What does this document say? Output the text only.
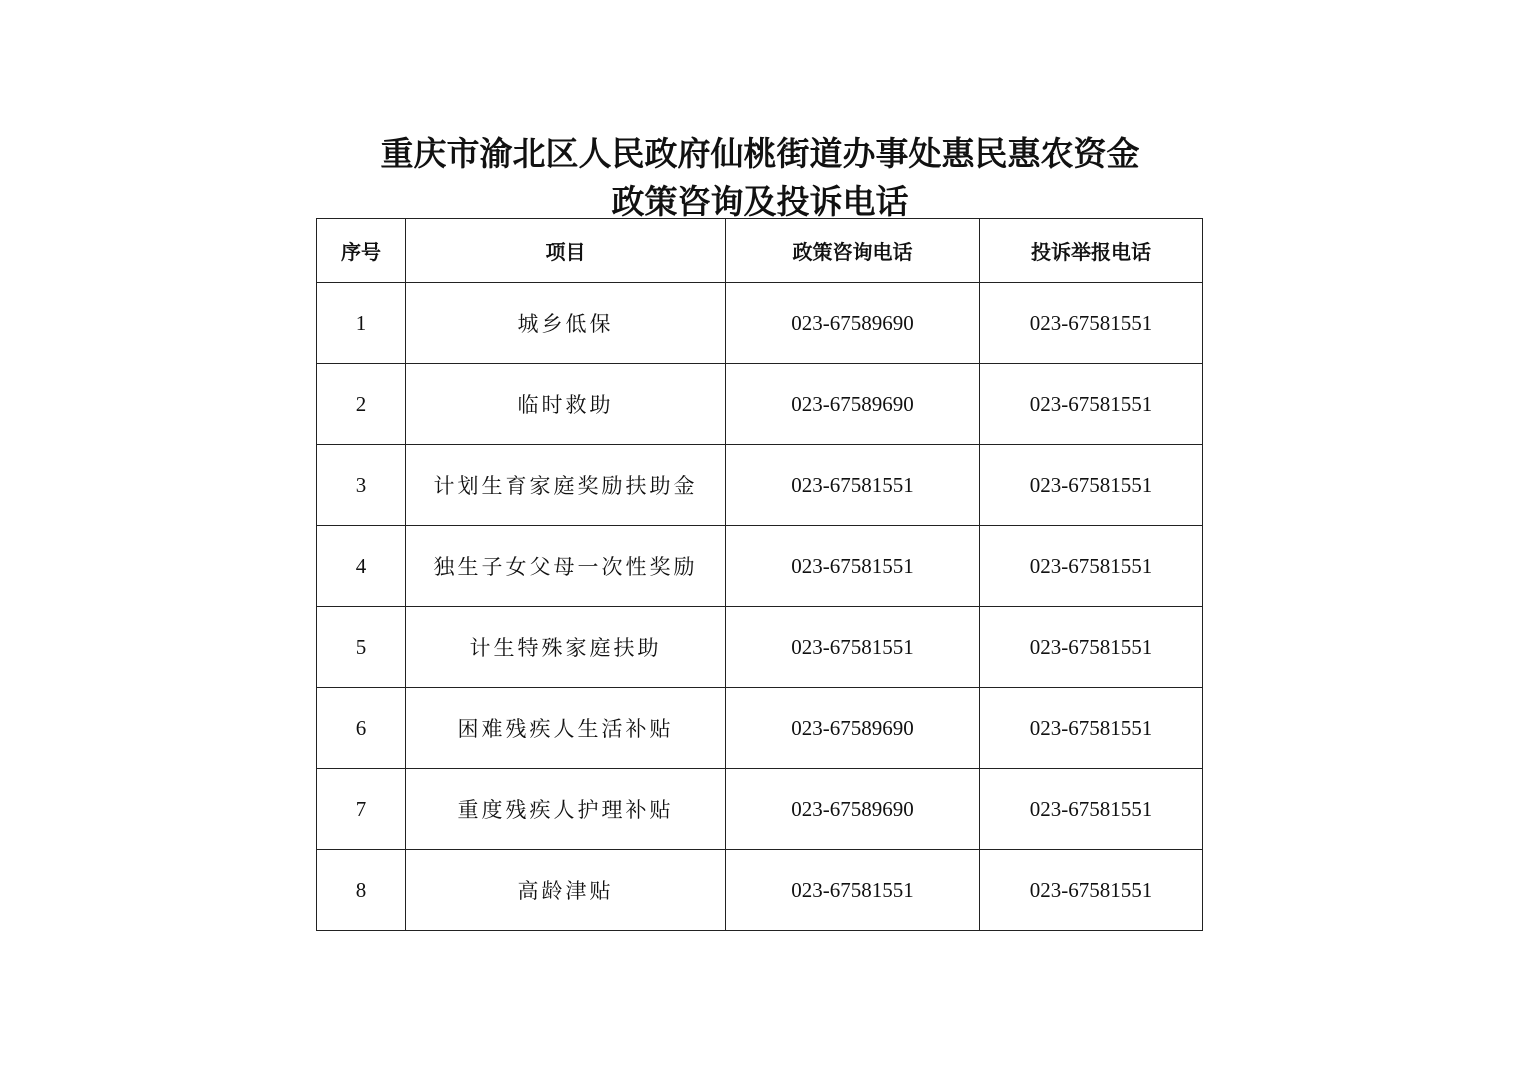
重庆市渝北区人民政府仙桃街道办事处惠民惠农资金
政策咨询及投诉电话
序号	项目	政策咨询电话	投诉举报电话
1	城乡低保	023-67589690	023-67581551
2	临时救助	023-67589690	023-67581551
3	计划生育家庭奖励扶助金	023-67581551	023-67581551
4	独生子女父母一次性奖励	023-67581551	023-67581551
5	计生特殊家庭扶助	023-67581551	023-67581551
6	困难残疾人生活补贴	023-67589690	023-67581551
7	重度残疾人护理补贴	023-67589690	023-67581551
8	高龄津贴	023-67581551	023-67581551
